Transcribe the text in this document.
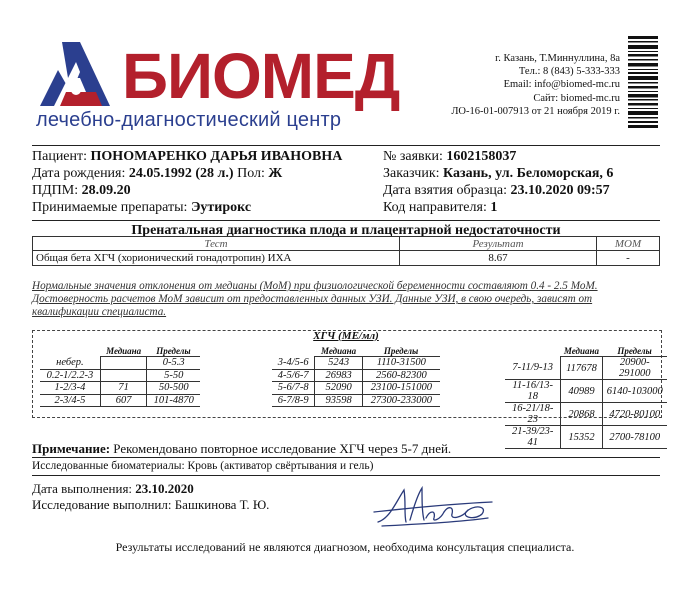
БИОМЕД
лечебно-диагностический центр
г. Казань, Т.Миннуллина, 8а
Тел.: 8 (843) 5-333-333
Email: info@biomed-mc.ru
Сайт: biomed-mc.ru
ЛО-16-01-007913 от 21 ноября 2019 г.
Пациент: ПОНОМАРЕНКО ДАРЬЯ ИВАНОВНА
Дата рождения: 24.05.1992 (28 л.) Пол: Ж
ПДПМ: 28.09.20
Принимаемые препараты: Эутирокс
№ заявки: 1602158037
Заказчик: Казань, ул. Беломорская, 6
Дата взятия образца: 23.10.2020 09:57
Код направителя: 1
Пренатальная диагностика плода и плацентарной недостаточности
Тест	Результат	МОМ
Общая бета ХГЧ (хорионический гонадотропин) ИХА	8.67	-
Нормальные значения отклонения от медианы (МоМ) при физиологической беременности составляют 0.4 - 2.5 МоМ.
Достоверность расчетов МоМ зависит от предоставленных данных УЗИ. Данные УЗИ, в свою очередь, зависят от
квалификации специалиста.
ХГЧ (МЕ/мл)
	Медиана	Пределы
небер.		0-5.3
0.2-1/2.2-3		5-50
1-2/3-4	71	50-500
2-3/4-5	607	101-4870
	Медиана	Пределы
3-4/5-6	5243	1110-31500
4-5/6-7	26983	2560-82300
5-6/7-8	52090	23100-151000
6-7/8-9	93598	27300-233000
	Медиана	Пределы
7-11/9-13	117678	20900-291000
11-16/13-18	40989	6140-103000
16-21/18-23	20868	4720-80100
21-39/23-41	15352	2700-78100
Примечание: Рекомендовано повторное исследование ХГЧ через 5-7 дней.
Исследованные биоматериалы: Кровь (активатор свёртывания и гель)
Дата выполнения: 23.10.2020
Исследование выполнил: Башкинова Т. Ю.
Результаты исследований не являются диагнозом, необходима консультация специалиста.
